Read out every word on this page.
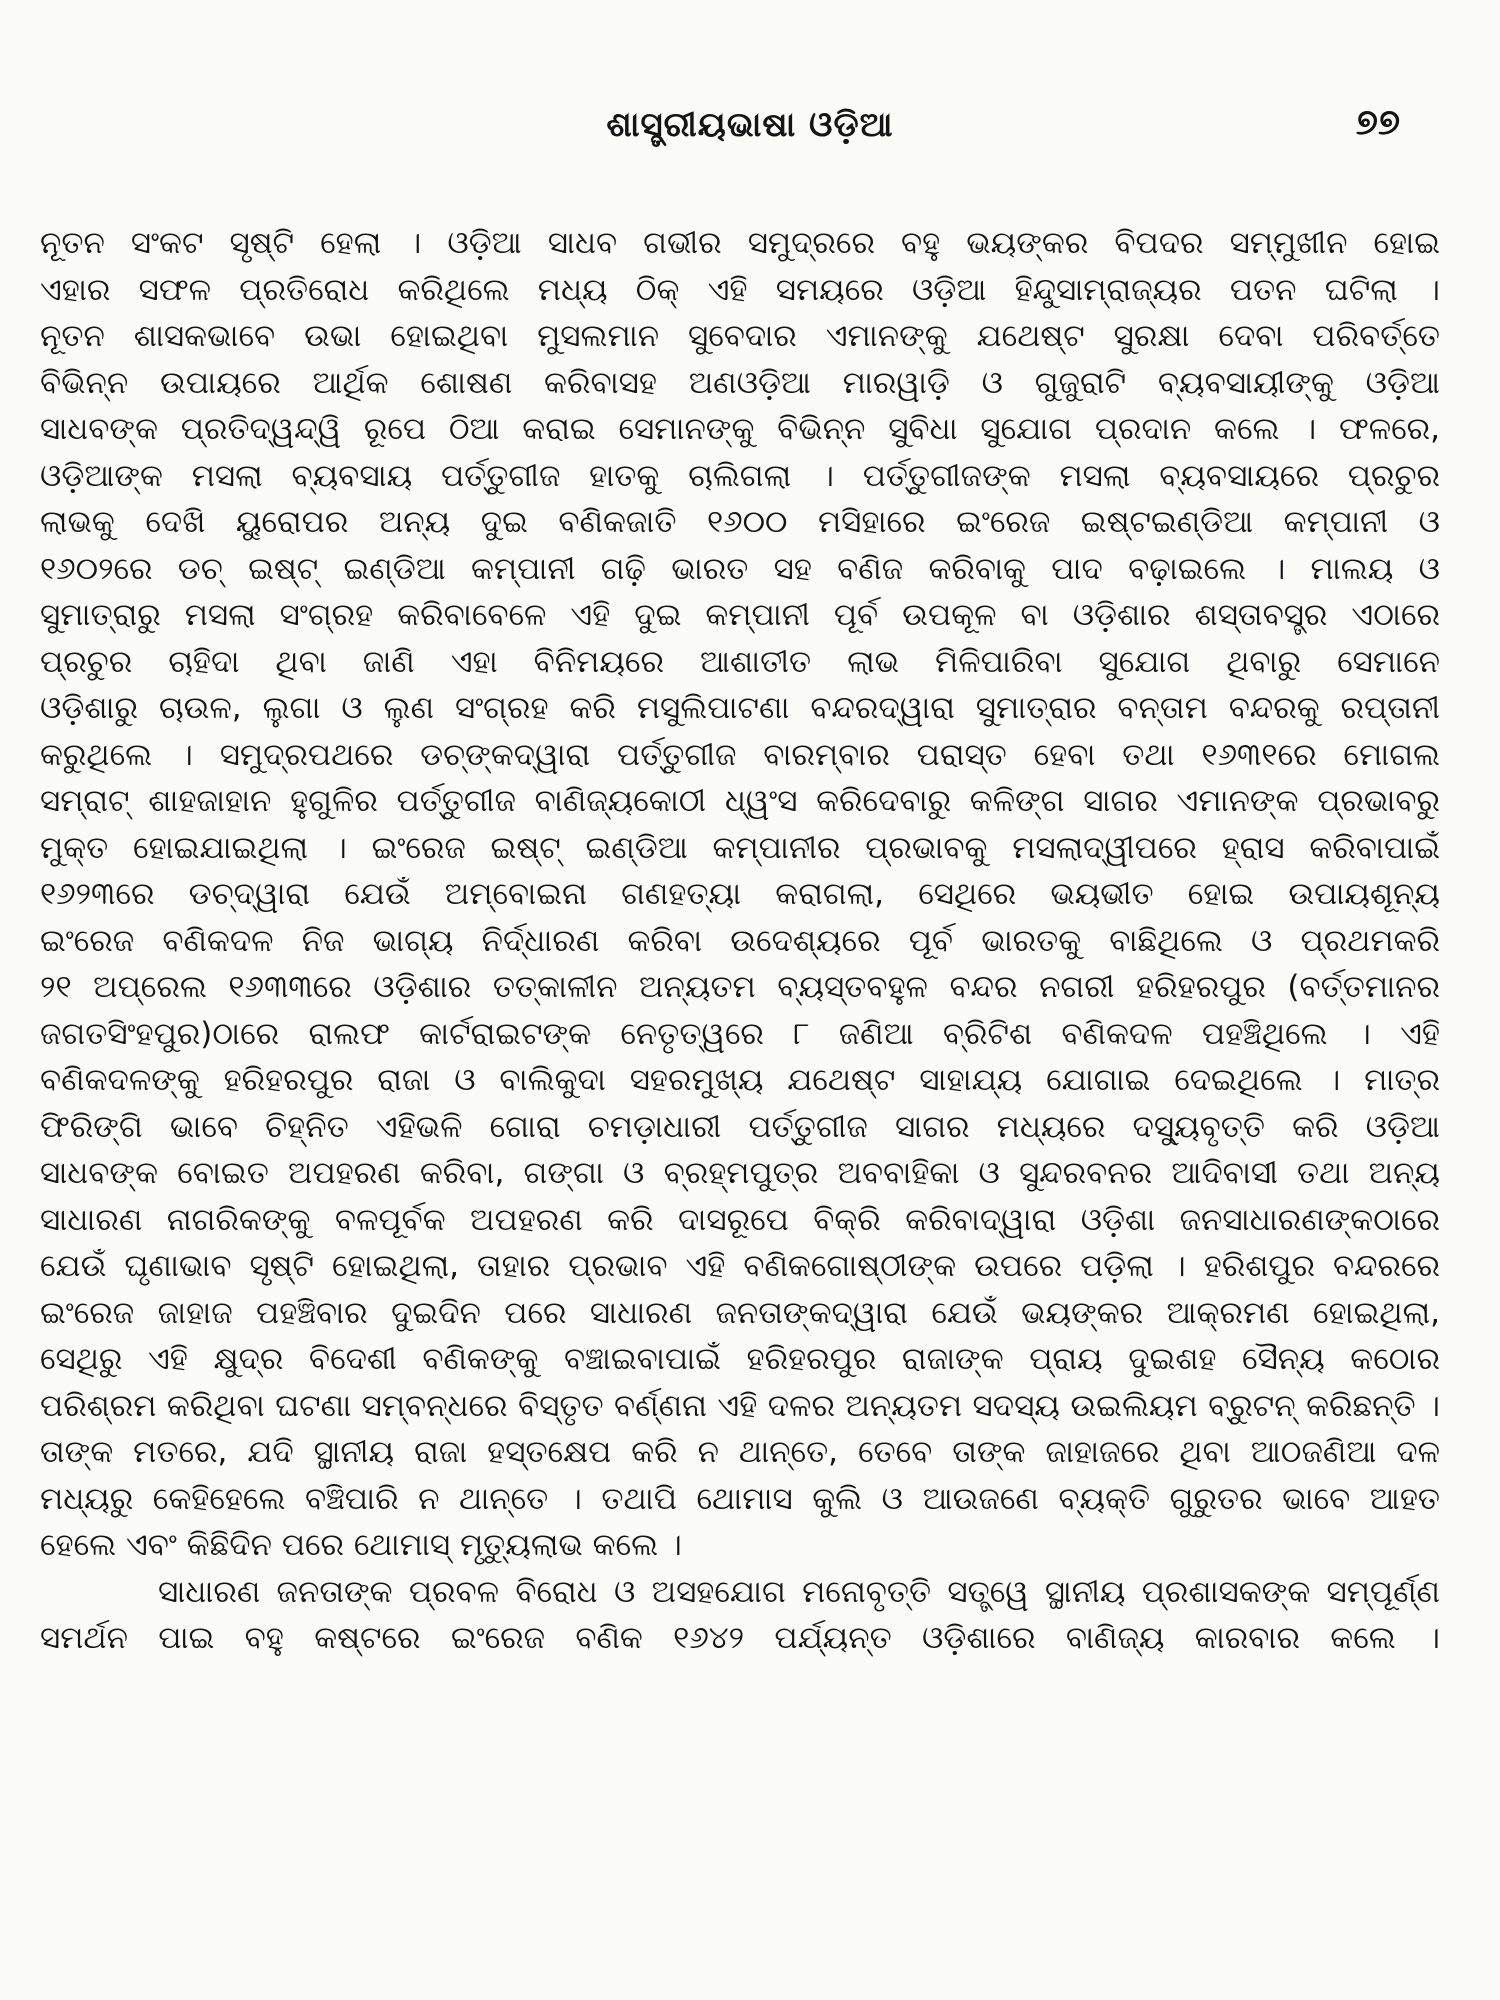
ଶାସ୍ତ୍ରୀୟଭାଷା ଓଡ଼ିଆ	୭୭
ନୂତନ ସଂକଟ ସୃଷ୍ଟି ହେଲା । ଓଡ଼ିଆ ସାଧବ ଗଭୀର ସମୁଦ୍ରରେ ବହୁ ଭୟଙ୍କର ବିପଦର ସମ୍ମୁଖୀନ ହୋଇ
ଏହାର ସଫଳ ପ୍ରତିରୋଧ କରିଥିଲେ ମଧ୍ୟ ଠିକ୍ ଏହି ସମୟରେ ଓଡ଼ିଆ ହିନ୍ଦୁସାମ୍ରାଜ୍ୟର ପତନ ଘଟିଲା ।
ନୂତନ ଶାସକଭାବେ ଉଭା ହୋଇଥିବା ମୁସଲମାନ ସୁବେଦାର ଏମାନଙ୍କୁ ଯଥେଷ୍ଟ ସୁରକ୍ଷା ଦେବା ପରିବର୍ତ୍ତେ
ବିଭିନ୍ନ ଉପାୟରେ ଆର୍ଥିକ ଶୋଷଣ କରିବାସହ ଅଣଓଡ଼ିଆ ମାରୱାଡ଼ି ଓ ଗୁଜୁରାଟି ବ୍ୟବସାୟୀଙ୍କୁ ଓଡ଼ିଆ
ସାଧବଙ୍କ ପ୍ରତିଦ୍ୱନ୍ଦ୍ୱି ରୂପେ ଠିଆ କରାଇ ସେମାନଙ୍କୁ ବିଭିନ୍ନ ସୁବିଧା ସୁଯୋଗ ପ୍ରଦାନ କଲେ । ଫଳରେ,
ଓଡ଼ିଆଙ୍କ ମସଲା ବ୍ୟବସାୟ ପର୍ତ୍ତୁଗୀଜ ହାତକୁ ଚାଲିଗଲା । ପର୍ତ୍ତୁଗୀଜଙ୍କ ମସଲା ବ୍ୟବସାୟରେ ପ୍ରଚୁର
ଲାଭକୁ ଦେଖି ୟୁରୋପର ଅନ୍ୟ ଦୁଇ ବଣିକଜାତି ୧୬୦୦ ମସିହାରେ ଇଂରେଜ ଇଷ୍ଟଇଣ୍ଡିଆ କମ୍ପାନୀ ଓ
୧୬୦୨ରେ ଡଚ୍ ଇଷ୍ଟ୍ ଇଣ୍ଡିଆ କମ୍ପାନୀ ଗଢ଼ି ଭାରତ ସହ ବଣିଜ କରିବାକୁ ପାଦ ବଢ଼ାଇଲେ । ମାଲୟ ଓ
ସୁମାତ୍ରାରୁ ମସଲା ସଂଗ୍ରହ କରିବାବେଳେ ଏହି ଦୁଇ କମ୍ପାନୀ ପୂର୍ବ ଉପକୂଳ ବା ଓଡ଼ିଶାର ଶସ୍ତାବସ୍ତ୍ର ଏଠାରେ
ପ୍ରଚୁର ଚାହିଦା ଥିବା ଜାଣି ଏହା ବିନିମୟରେ ଆଶାତୀତ ଲାଭ ମିଳିପାରିବା ସୁଯୋଗ ଥିବାରୁ ସେମାନେ
ଓଡ଼ିଶାରୁ ଚାଉଳ, ଲୁଗା ଓ ଲୁଣ ସଂଗ୍ରହ କରି ମସୁଲିପାଟଣା ବନ୍ଦରଦ୍ୱାରା ସୁମାତ୍ରାର ବନ୍ତାମ ବନ୍ଦରକୁ ରପ୍ତାନୀ
କରୁଥିଲେ । ସମୁଦ୍ରପଥରେ ଡଚ୍‌ଙ୍କଦ୍ୱାରା ପର୍ତ୍ତୁଗୀଜ ବାରମ୍ବାର ପରାସ୍ତ ହେବା ତଥା ୧୬୩୧ରେ ମୋଗଲ
ସମ୍ରାଟ୍ ଶାହଜାହାନ ହୁଗୁଳିର ପର୍ତ୍ତୁଗୀଜ ବାଣିଜ୍ୟକୋଠୀ ଧ୍ୱଂସ କରିଦେବାରୁ କଳିଙ୍ଗ ସାଗର ଏମାନଙ୍କ ପ୍ରଭାବରୁ
ମୁକ୍ତ ହୋଇଯାଇଥିଲା । ଇଂରେଜ ଇଷ୍ଟ୍ ଇଣ୍ଡିଆ କମ୍ପାନୀର ପ୍ରଭାବକୁ ମସଲାଦ୍ୱୀପରେ ହ୍ରାସ କରିବାପାଇଁ
୧୬୨୩ରେ ଡଚ୍‌ଦ୍ୱାରା ଯେଉଁ ଅମ୍ବୋଇନା ଗଣହତ୍ୟା କରାଗଲା, ସେଥିରେ ଭୟଭୀତ ହୋଇ ଉପାୟଶୂନ୍ୟ
ଇଂରେଜ ବଣିକଦଳ ନିଜ ଭାଗ୍ୟ ନିର୍ଦ୍ଧାରଣ କରିବା ଉଦେଶ୍ୟରେ ପୂର୍ବ ଭାରତକୁ ବାଛିଥିଲେ ଓ ପ୍ରଥମକରି
୨୧ ଅପ୍ରେଲ ୧୬୩୩ରେ ଓଡ଼ିଶାର ତତ୍କାଳୀନ ଅନ୍ୟତମ ବ୍ୟସ୍ତବହୁଳ ବନ୍ଦର ନଗରୀ ହରିହରପୁର (ବର୍ତ୍ତମାନର
ଜଗତସିଂହପୁର)ଠାରେ ରାଲଫ କାର୍ଟରାଇଟଙ୍କ ନେତୃତ୍ୱରେ ୮ ଜଣିଆ ବ୍ରିଟିଶ ବଣିକଦଳ ପହଞ୍ଚିଥିଲେ । ଏହି
ବଣିକଦଳଙ୍କୁ ହରିହରପୁର ରାଜା ଓ ବାଲିକୁଦା ସହରମୁଖ୍ୟ ଯଥେଷ୍ଟ ସାହାଯ୍ୟ ଯୋଗାଇ ଦେଇଥିଲେ । ମାତ୍ର
ଫିରିଙ୍ଗି ଭାବେ ଚିହ୍ନିତ ଏହିଭଳି ଗୋରା ଚମଡ଼ାଧାରୀ ପର୍ତ୍ତୁଗୀଜ ସାଗର ମଧ୍ୟରେ ଦସ୍ୟୁବୃତ୍ତି କରି ଓଡ଼ିଆ
ସାଧବଙ୍କ ବୋଇତ ଅପହରଣ କରିବା, ଗଙ୍ଗା ଓ ବ୍ରହ୍ମପୁତ୍ର ଅବବାହିକା ଓ ସୁନ୍ଦରବନର ଆଦିବାସୀ ତଥା ଅନ୍ୟ
ସାଧାରଣ ନାଗରିକଙ୍କୁ ବଳପୂର୍ବକ ଅପହରଣ କରି ଦାସରୂପେ ବିକ୍ରି କରିବାଦ୍ୱାରା ଓଡ଼ିଶା ଜନସାଧାରଣଙ୍କଠାରେ
ଯେଉଁ ଘୃଣାଭାବ ସୃଷ୍ଟି ହୋଇଥିଲା, ତାହାର ପ୍ରଭାବ ଏହି ବଣିକଗୋଷ୍ଠୀଙ୍କ ଉପରେ ପଡ଼ିଲା । ହରିଶପୁର ବନ୍ଦରରେ
ଇଂରେଜ ଜାହାଜ ପହଞ୍ଚିବାର ଦୁଇଦିନ ପରେ ସାଧାରଣ ଜନତାଙ୍କଦ୍ୱାରା ଯେଉଁ ଭୟଙ୍କର ଆକ୍ରମଣ ହୋଇଥିଲା,
ସେଥିରୁ ଏହି କ୍ଷୁଦ୍ର ବିଦେଶୀ ବଣିକଙ୍କୁ ବଞ୍ଚାଇବାପାଇଁ ହରିହରପୁର ରାଜାଙ୍କ ପ୍ରାୟ ଦୁଇଶହ ସୈନ୍ୟ କଠୋର
ପରିଶ୍ରମ କରିଥିବା ଘଟଣା ସମ୍ବନ୍ଧରେ ବିସ୍ତୃତ ବର୍ଣ୍ଣନା ଏହି ଦଳର ଅନ୍ୟତମ ସଦସ୍ୟ ଉଇଲିୟମ ବ୍ରୁଟନ୍ କରିଛନ୍ତି ।
ତାଙ୍କ ମତରେ, ଯଦି ସ୍ଥାନୀୟ ରାଜା ହସ୍ତକ୍ଷେପ କରି ନ ଥାନ୍ତେ, ତେବେ ତାଙ୍କ ଜାହାଜରେ ଥିବା ଆଠଜଣିଆ ଦଳ
ମଧ୍ୟରୁ କେହିହେଲେ ବଞ୍ଚିପାରି ନ ଥାନ୍ତେ । ତଥାପି ଥୋମାସ କୁଲି ଓ ଆଉଜଣେ ବ୍ୟକ୍ତି ଗୁରୁତର ଭାବେ ଆହତ
ହେଲେ ଏବଂ କିଛିଦିନ ପରେ ଥୋମାସ୍ ମୃତ୍ୟୁଲାଭ କଲେ ।
ସାଧାରଣ ଜନତାଙ୍କ ପ୍ରବଳ ବିରୋଧ ଓ ଅସହଯୋଗ ମନୋବୃତ୍ତି ସତ୍ତ୍ୱେ ସ୍ଥାନୀୟ ପ୍ରଶାସକଙ୍କ ସମ୍ପୂର୍ଣ୍ଣ
ସମର୍ଥନ ପାଇ ବହୁ କଷ୍ଟରେ ଇଂରେଜ ବଣିକ ୧୬୪୨ ପର୍ଯ୍ୟନ୍ତ ଓଡ଼ିଶାରେ ବାଣିଜ୍ୟ କାରବାର କଲେ ।
